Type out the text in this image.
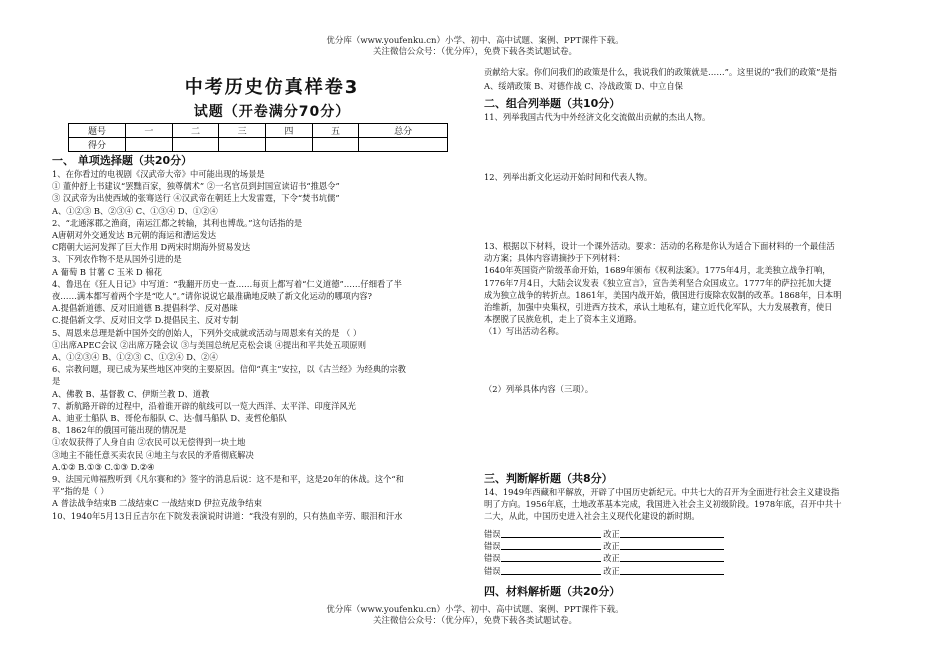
优分库（www.youfenku.cn）小学、初中、高中试题、案例、PPT课件下载。
关注微信公众号：（优分库），免费下载各类试题试卷。
中考历史仿真样卷3
试题（开卷满分70分）
题号	一	二	三	四	五	总分
得分						
一、 单项选择题（共20分）
1、在你看过的电视剧《汉武帝大帝》中可能出现的场景是
① 董仲舒上书建议“罢黜百家，独尊儒术” ②一名官员到封国宣读诏书“推恩令”
③ 汉武帝为出使西域的张骞送行 ④汉武帝在朝廷上大发雷霆，下令“焚书坑儒”
A、①②③ B、②③④ C、①③④ D、①②④
2、“北通涿郡之渔商，南运江都之转输，其利也博哉。”这句话指的是
A唐朝对外交通发达 B元朝的海运和漕运发达
C隋朝大运河发挥了巨大作用 D两宋时期海外贸易发达
3、下列农作物不是从国外引进的是
A 葡萄 B 甘薯 C 玉米 D 棉花
4、鲁迅在《狂人日记》中写道：“我翻开历史一查……每页上都写着“仁义道德”……仔细看了半
夜……满本都写着两个字是“吃人”。”请你说说它最准确地反映了新文化运动的哪项内容?
A.提倡新道德、反对旧道德 B.提倡科学、反对愚昧
C.提倡新文学、反对旧文学 D.提倡民主、反对专制
5、周恩来总理是新中国外交的创始人，下列外交成就或活动与周恩来有关的是 （ ）
①出席APEC会议 ②出席万隆会议 ③与美国总统尼克松会谈 ④提出和平共处五项原则
A、①②③④ B、①②③ C、①②④ D、②④
6、宗教问题，现已成为某些地区冲突的主要原因。信仰“真主”安拉，以《古兰经》为经典的宗教
是
A、佛教 B、基督教 C、伊斯兰教 D、道教
7、新航路开辟的过程中，沿着谁开辟的航线可以一览大西洋、太平洋、印度洋风光
A、迪亚士船队 B、哥伦布船队 C、达·伽马船队 D、麦哲伦船队
8、1862年的俄国可能出现的情况是
①农奴获得了人身自由 ②农民可以无偿得到一块土地
③地主不能任意买卖农民 ④地主与农民的矛盾彻底解决
A.①② B.①③ C.①③ D.②④
9、法国元帅福煦听到《凡尔赛和约》签字的消息后说：这不是和平，这是20年的休战。这个“和
平”指的是（ ）
A 普法战争结束B 二战结束C 一战结束D 伊拉克战争结束
10、1940年5月13日丘吉尔在下院发表演说时讲道：“我没有别的，只有热血辛劳、眼泪和汗水
贡献给大家。你们问我们的政策是什么，我说我们的政策就是……”。这里说的“我们的政策”是指
A、绥靖政策 B、对德作战 C、冷战政策 D、中立自保
二、组合列举题（共10分）
11、列举我国古代为中外经济文化交流做出贡献的杰出人物。
12、列举出新文化运动开始时间和代表人物。
13、根据以下材料，设计一个课外活动。要求：活动的名称是你认为适合下面材料的一个最佳活
动方案；具体内容请摘抄于下列材料：
1640年英国资产阶级革命开始，1689年颁布《权利法案》。1775年4月，北美独立战争打响，
1776年7月4日，大陆会议发表《独立宣言》，宣告美利坚合众国成立。1777年的萨拉托加大捷
成为独立战争的转折点。1861年，美国内战开始，俄国进行废除农奴制的改革。1868年，日本明
治维新，加强中央集权，引进西方技术，承认土地私有，建立近代化军队，大力发展教育，使日
本摆脱了民族危机，走上了资本主义道路。
（1）写出活动名称。
（2）列举具体内容（三项）。
三、判断解析题（共8分）
14、1949年西藏和平解放，开辟了中国历史新纪元。中共七大的召开为全面进行社会主义建设指
明了方向。1956年底，土地改革基本完成，我国进入社会主义初级阶段。1978年底，召开中共十
二大，从此，中国历史进入社会主义现代化建设的新时期。
错误	改正
错误	改正
错误	改正
错误	改正
四、材料解析题（共20分）
优分库（www.youfenku.cn）小学、初中、高中试题、案例、PPT课件下载。
关注微信公众号：（优分库），免费下载各类试题试卷。
